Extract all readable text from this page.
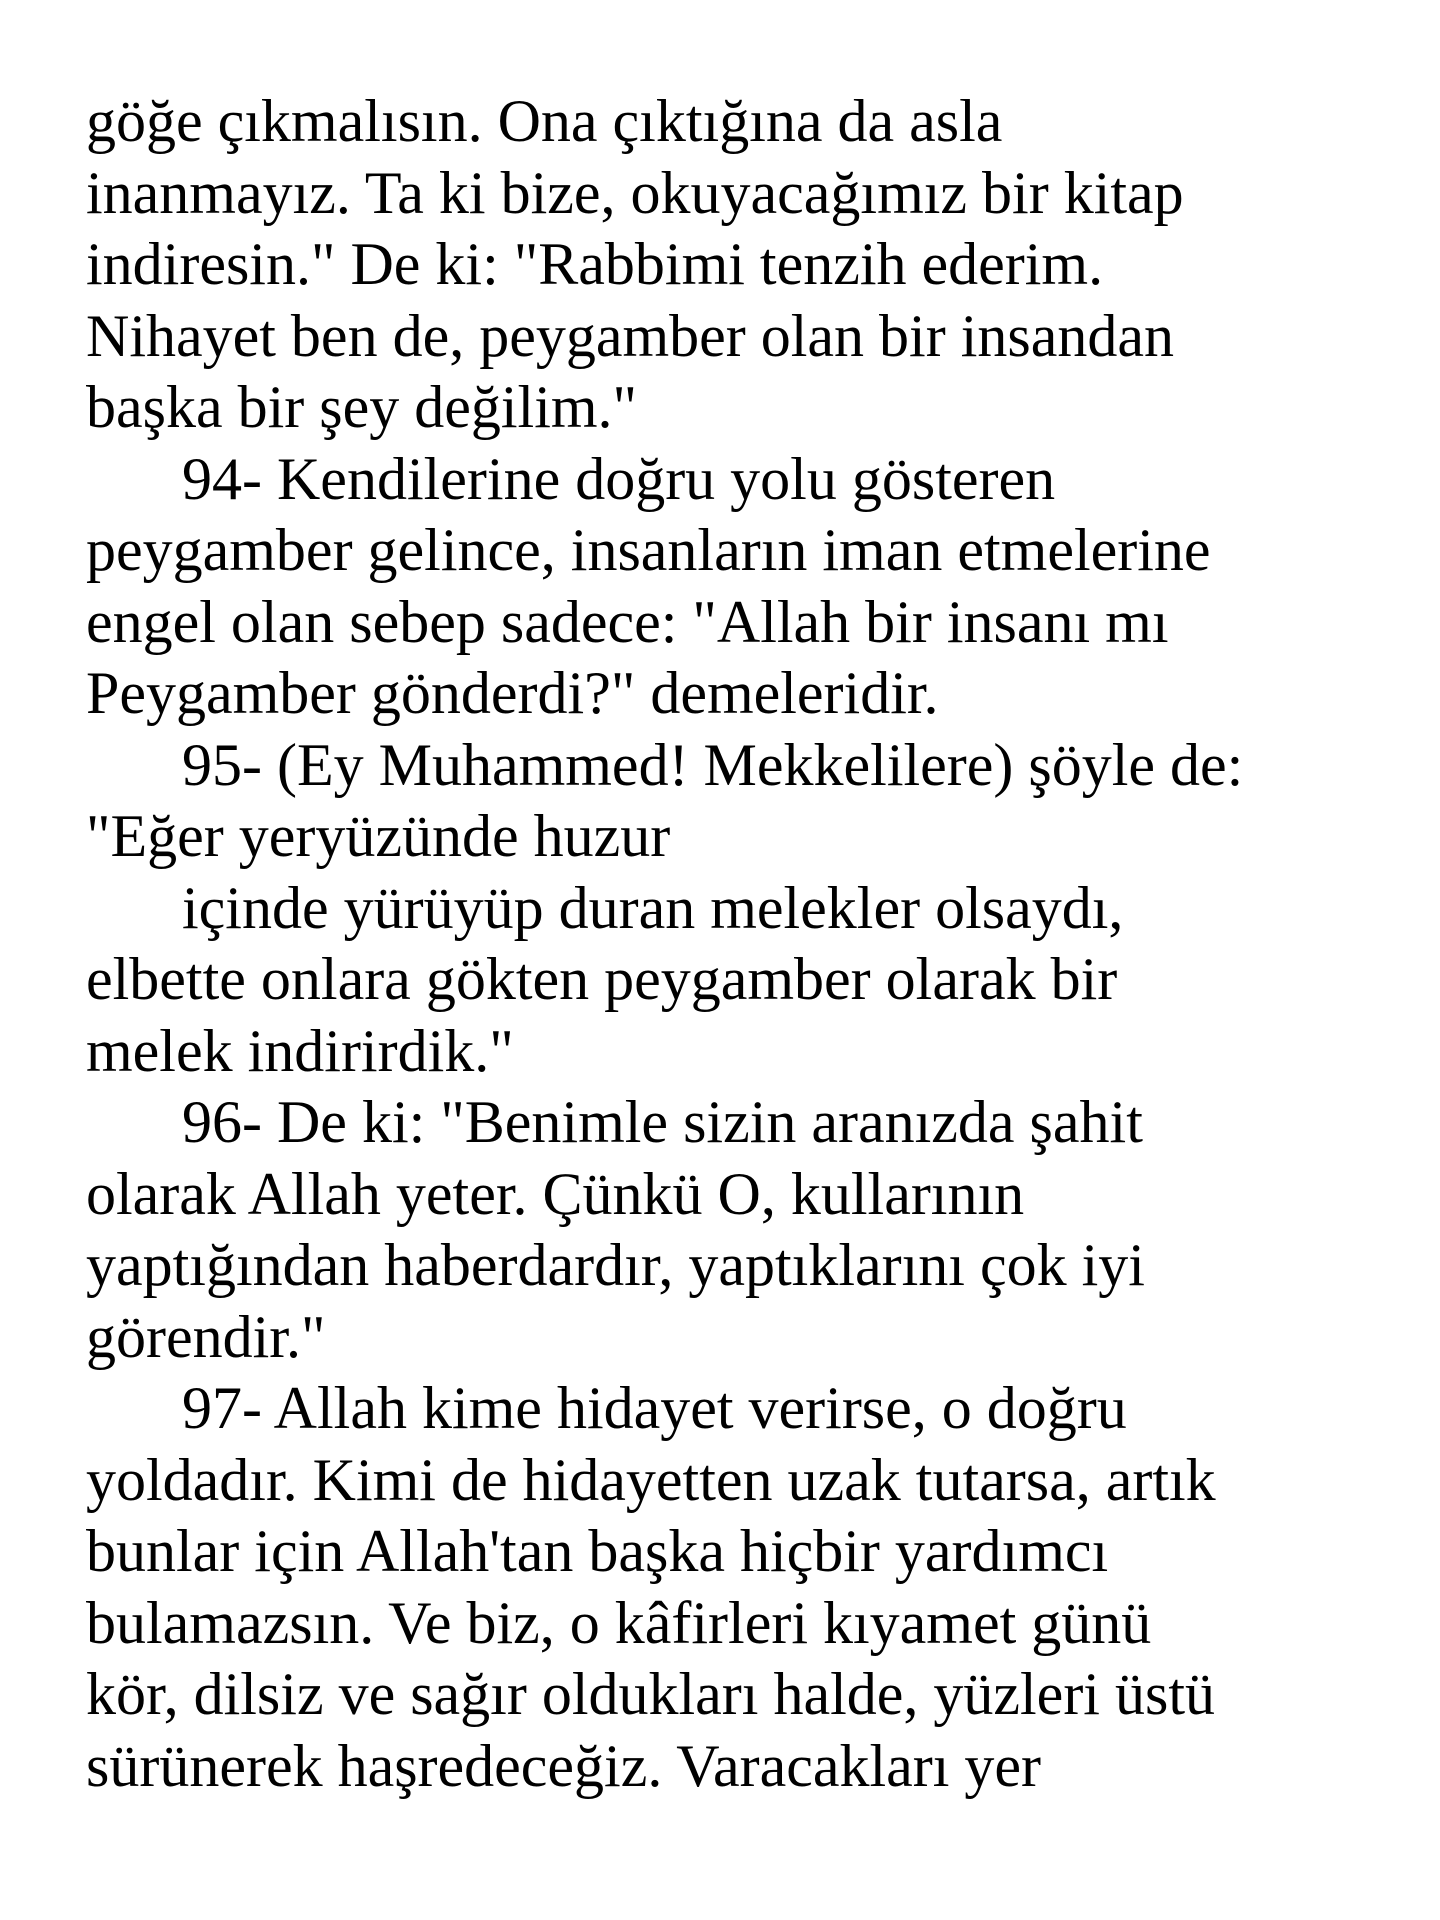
göğe çıkmalısın. Ona çıktığına da asla
inanmayız. Ta ki bize, okuyacağımız bir kitap
indiresin." De ki: "Rabbimi tenzih ederim.
Nihayet ben de, peygamber olan bir insandan
başka bir şey değilim."
94- Kendilerine doğru yolu gösteren
peygamber gelince, insanların iman etmelerine
engel olan sebep sadece: "Allah bir insanı mı
Peygamber gönderdi?" demeleridir.
95- (Ey Muhammed! Mekkelilere) şöyle de:
"Eğer yeryüzünde huzur
içinde yürüyüp duran melekler olsaydı,
elbette onlara gökten peygamber olarak bir
melek indirirdik."
96- De ki: "Benimle sizin aranızda şahit
olarak Allah yeter. Çünkü O, kullarının
yaptığından haberdardır, yaptıklarını çok iyi
görendir."
97- Allah kime hidayet verirse, o doğru
yoldadır. Kimi de hidayetten uzak tutarsa, artık
bunlar için Allah'tan başka hiçbir yardımcı
bulamazsın. Ve biz, o kâfirleri kıyamet günü
kör, dilsiz ve sağır oldukları halde, yüzleri üstü
sürünerek haşredeceğiz. Varacakları yer
